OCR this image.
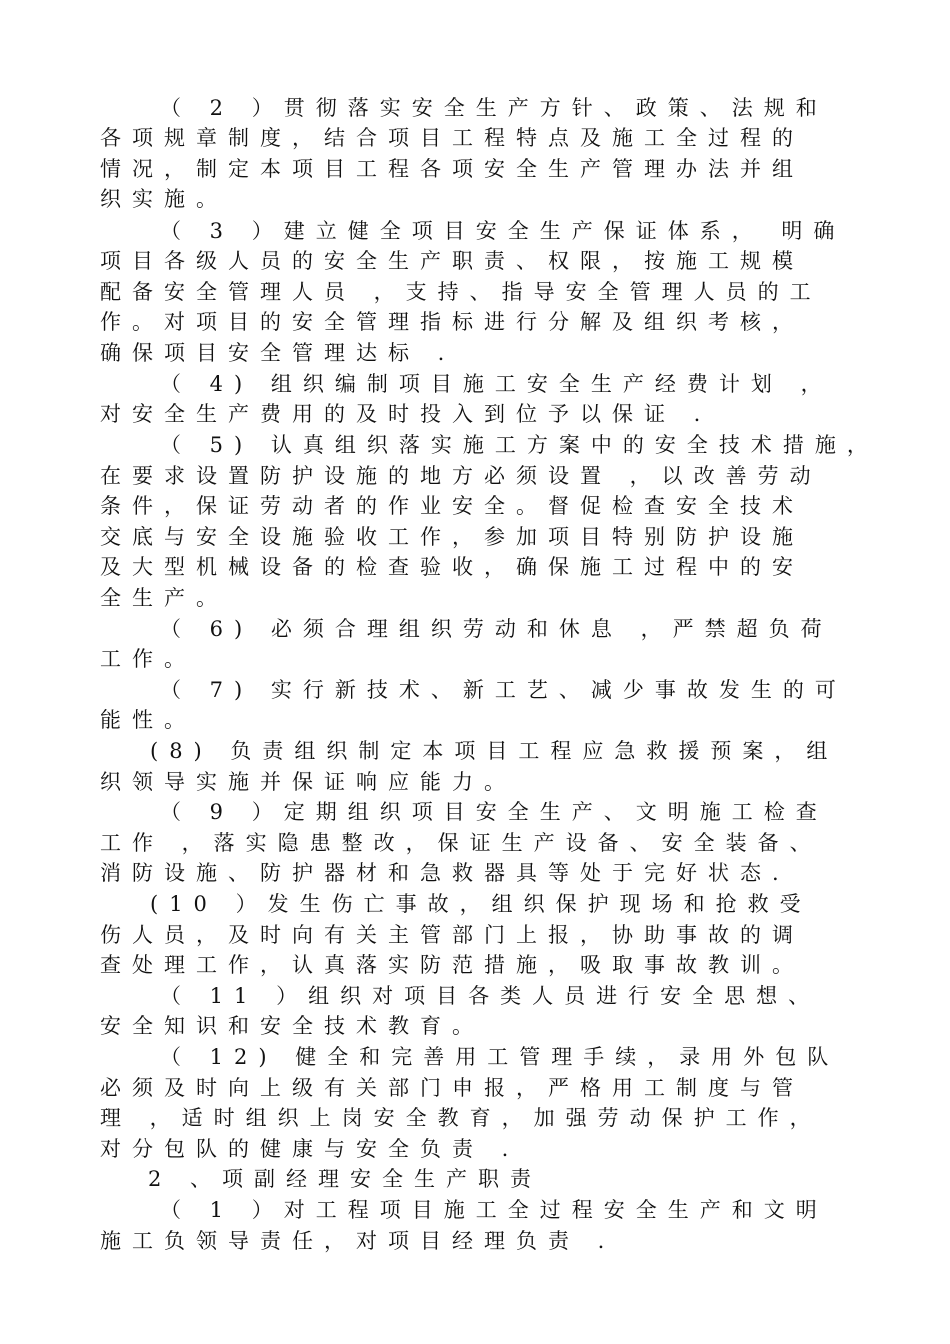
（ 2 ）贯彻落实安全生产方针、政策、法规和
各项规章制度，结合项目工程特点及施工全过程的
情况，制定本项目工程各项安全生产管理办法并组
织实施。
（ 3 ）建立健全项目安全生产保证体系， 明确
项目各级人员的安全生产职责、权限，按施工规模
配备安全管理人员 ，支持、指导安全管理人员的工
作。对项目的安全管理指标进行分解及组织考核，
确保项目安全管理达标 .
（ 4) 组织编制项目施工安全生产经费计划 ，
对安全生产费用的及时投入到位予以保证 .
（ 5) 认真组织落实施工方案中的安全技术措施，
在要求设置防护设施的地方必须设置 ，以改善劳动
条件，保证劳动者的作业安全。督促检查安全技术
交底与安全设施验收工作，参加项目特别防护设施
及大型机械设备的检查验收，确保施工过程中的安
全生产。
（ 6) 必须合理组织劳动和休息 ，严禁超负荷
工作。
（ 7) 实行新技术、新工艺、减少事故发生的可
能性。
(8) 负责组织制定本项目工程应急救援预案，组
织领导实施并保证响应能力。
（ 9 ）定期组织项目安全生产、文明施工检查
工作 ，落实隐患整改，保证生产设备、安全装备、
消防设施、防护器材和急救器具等处于完好状态.
(10 ）发生伤亡事故，组织保护现场和抢救受
伤人员，及时向有关主管部门上报，协助事故的调
查处理工作，认真落实防范措施，吸取事故教训。
（ 11 ）组织对项目各类人员进行安全思想、
安全知识和安全技术教育。
（ 12) 健全和完善用工管理手续，录用外包队
必须及时向上级有关部门申报，严格用工制度与管
理 ，适时组织上岗安全教育，加强劳动保护工作，
对分包队的健康与安全负责 .
2 、项副经理安全生产职责
（ 1 ）对工程项目施工全过程安全生产和文明
施工负领导责任，对项目经理负责 .
